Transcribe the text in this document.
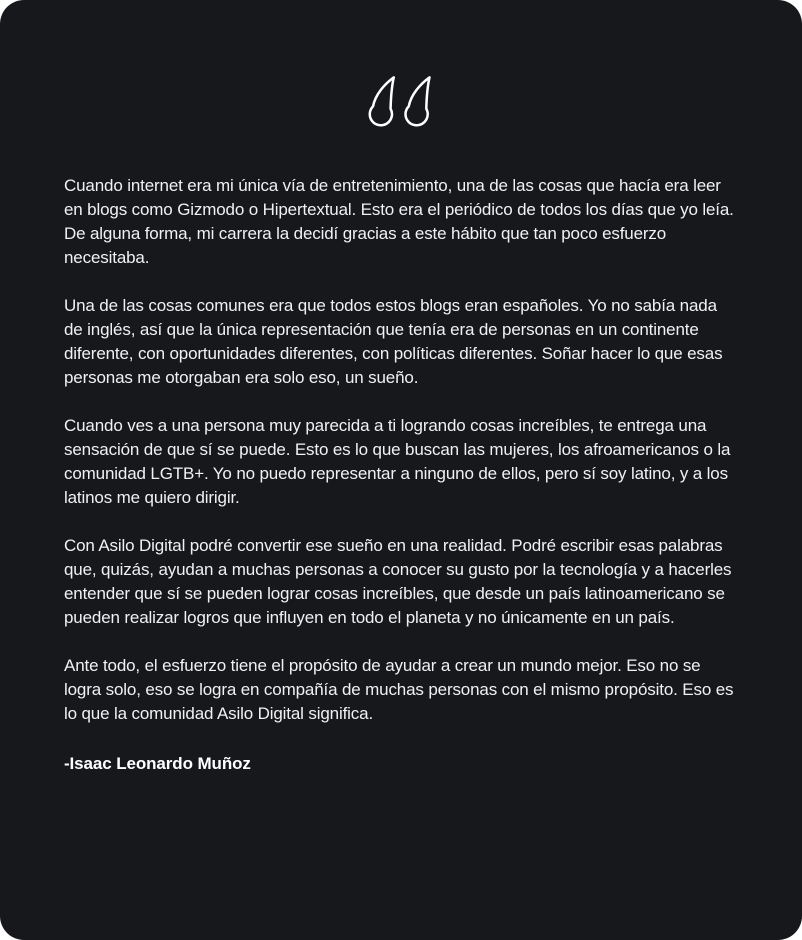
Cuando internet era mi única vía de entretenimiento, una de las cosas que hacía era leer en blogs como Gizmodo o Hipertextual. Esto era el periódico de todos los días que yo leía. De alguna forma, mi carrera la decidí gracias a este hábito que tan poco esfuerzo necesitaba.

Una de las cosas comunes era que todos estos blogs eran españoles. Yo no sabía nada de inglés, así que la única representación que tenía era de personas en un continente diferente, con oportunidades diferentes, con políticas diferentes. Soñar hacer lo que esas personas me otorgaban era solo eso, un sueño.

Cuando ves a una persona muy parecida a ti logrando cosas increíbles, te entrega una sensación de que sí se puede. Esto es lo que buscan las mujeres, los afroamericanos o la comunidad LGTB+. Yo no puedo representar a ninguno de ellos, pero sí soy latino, y a los latinos me quiero dirigir.

Con Asilo Digital podré convertir ese sueño en una realidad. Podré escribir esas palabras que, quizás, ayudan a muchas personas a conocer su gusto por la tecnología y a hacerles entender que sí se pueden lograr cosas increíbles, que desde un país latinoamericano se pueden realizar logros que influyen en todo el planeta y no únicamente en un país.

Ante todo, el esfuerzo tiene el propósito de ayudar a crear un mundo mejor. Eso no se logra solo, eso se logra en compañía de muchas personas con el mismo propósito. Eso es lo que la comunidad Asilo Digital significa.

-Isaac Leonardo Muñoz
